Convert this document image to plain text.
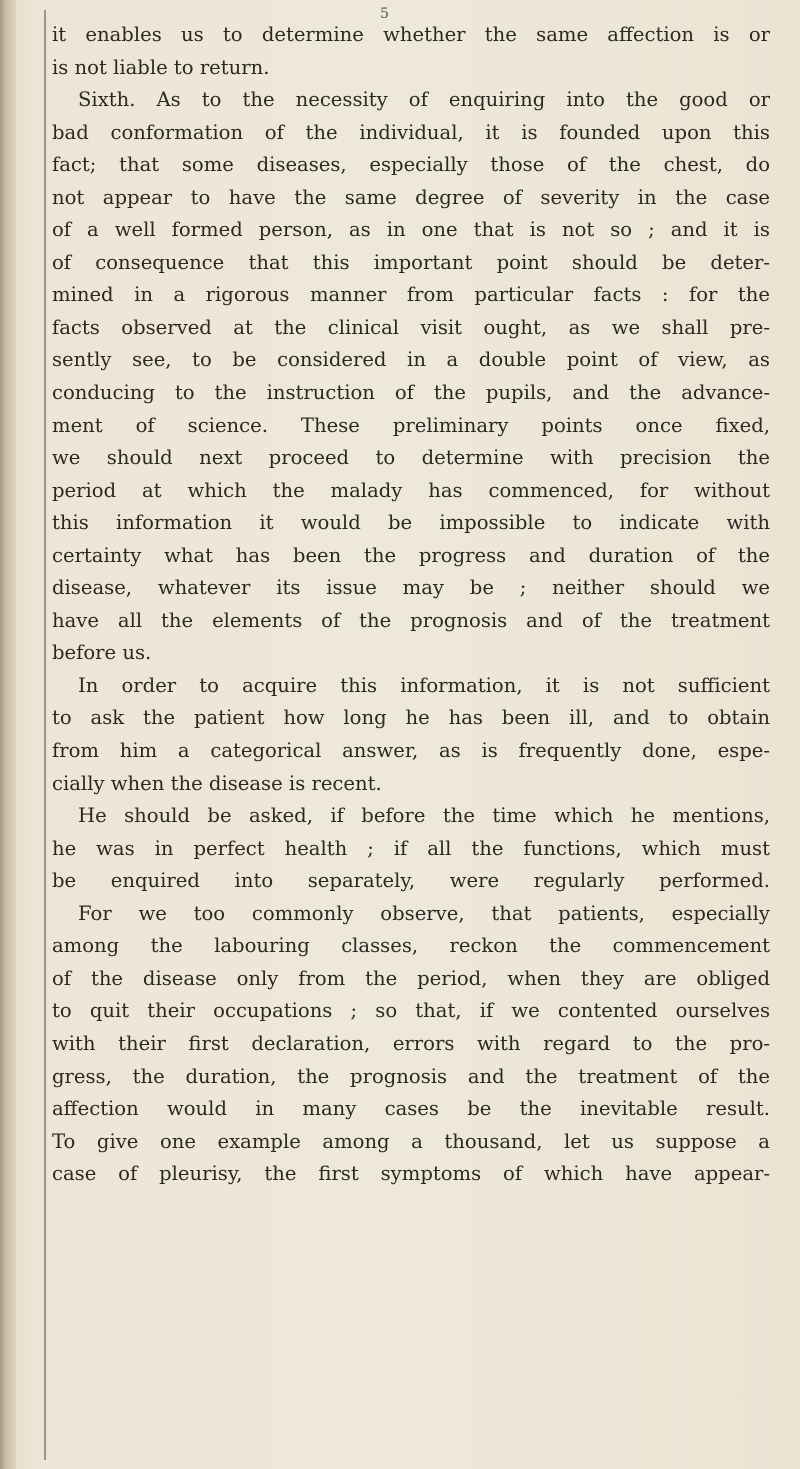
5
it enables us to determine whether the same affection is or
is not liable to return.
Sixth. As to the necessity of enquiring into the good or
bad conformation of the individual, it is founded upon this
fact; that some diseases, especially those of the chest, do
not appear to have the same degree of severity in the case
of a well formed person, as in one that is not so ; and it is
of consequence that this important point should be deter-
mined in a rigorous manner from particular facts : for the
facts observed at the clinical visit ought, as we shall pre-
sently see, to be considered in a double point of view, as
conducing to the instruction of the pupils, and the advance-
ment of science. These preliminary points once fixed,
we should next proceed to determine with precision the
period at which the malady has commenced, for without
this information it would be impossible to indicate with
certainty what has been the progress and duration of the
disease, whatever its issue may be ; neither should we
have all the elements of the prognosis and of the treatment
before us.
In order to acquire this information, it is not sufficient
to ask the patient how long he has been ill, and to obtain
from him a categorical answer, as is frequently done, espe-
cially when the disease is recent.
He should be asked, if before the time which he mentions,
he was in perfect health ; if all the functions, which must
be enquired into separately, were regularly performed.
For we too commonly observe, that patients, especially
among the labouring classes, reckon the commencement
of the disease only from the period, when they are obliged
to quit their occupations ; so that, if we contented ourselves
with their first declaration, errors with regard to the pro-
gress, the duration, the prognosis and the treatment of the
affection would in many cases be the inevitable result.
To give one example among a thousand, let us suppose a
case of pleurisy, the first symptoms of which have appear-
